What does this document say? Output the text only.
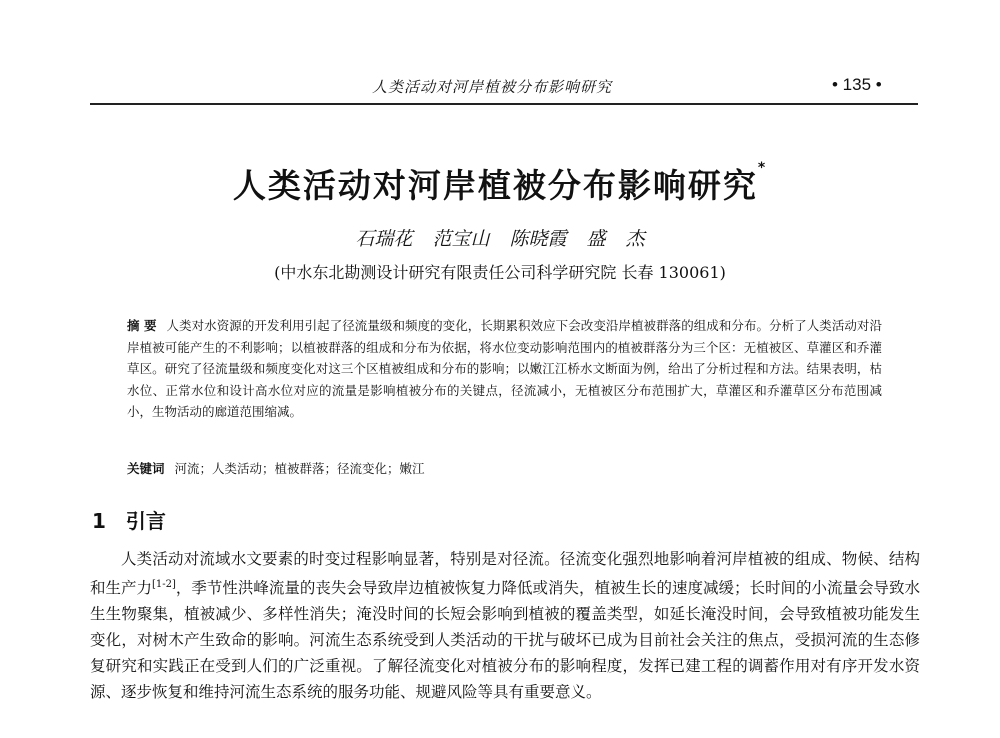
人类活动对河岸植被分布影响研究	• 135 •
人类活动对河岸植被分布影响研究*
石瑞花 范宝山 陈晓霞 盛 杰
(中水东北勘测设计研究有限责任公司科学研究院 长春 130061)
摘 要 人类对水资源的开发利用引起了径流量级和频度的变化，长期累积效应下会改变沿岸植被群落的组成和分布。分析了人类活动对沿岸植被可能产生的不利影响；以植被群落的组成和分布为依据，将水位变动影响范围内的植被群落分为三个区：无植被区、草灌区和乔灌草区。研究了径流量级和频度变化对这三个区植被组成和分布的影响；以嫩江江桥水文断面为例，给出了分析过程和方法。结果表明，枯水位、正常水位和设计高水位对应的流量是影响植被分布的关键点，径流减小，无植被区分布范围扩大，草灌区和乔灌草区分布范围减小，生物活动的廊道范围缩减。
关键词 河流；人类活动；植被群落；径流变化；嫩江
1 引言
人类活动对流域水文要素的时变过程影响显著，特别是对径流。径流变化强烈地影响着河岸植被的组成、物候、结构和生产力[1-2]，季节性洪峰流量的丧失会导致岸边植被恢复力降低或消失，植被生长的速度减缓；长时间的小流量会导致水生生物聚集，植被减少、多样性消失；淹没时间的长短会影响到植被的覆盖类型，如延长淹没时间，会导致植被功能发生变化，对树木产生致命的影响。河流生态系统受到人类活动的干扰与破坏已成为目前社会关注的焦点，受损河流的生态修复研究和实践正在受到人们的广泛重视。了解径流变化对植被分布的影响程度，发挥已建工程的调蓄作用对有序开发水资源、逐步恢复和维持河流生态系统的服务功能、规避风险等具有重要意义。
